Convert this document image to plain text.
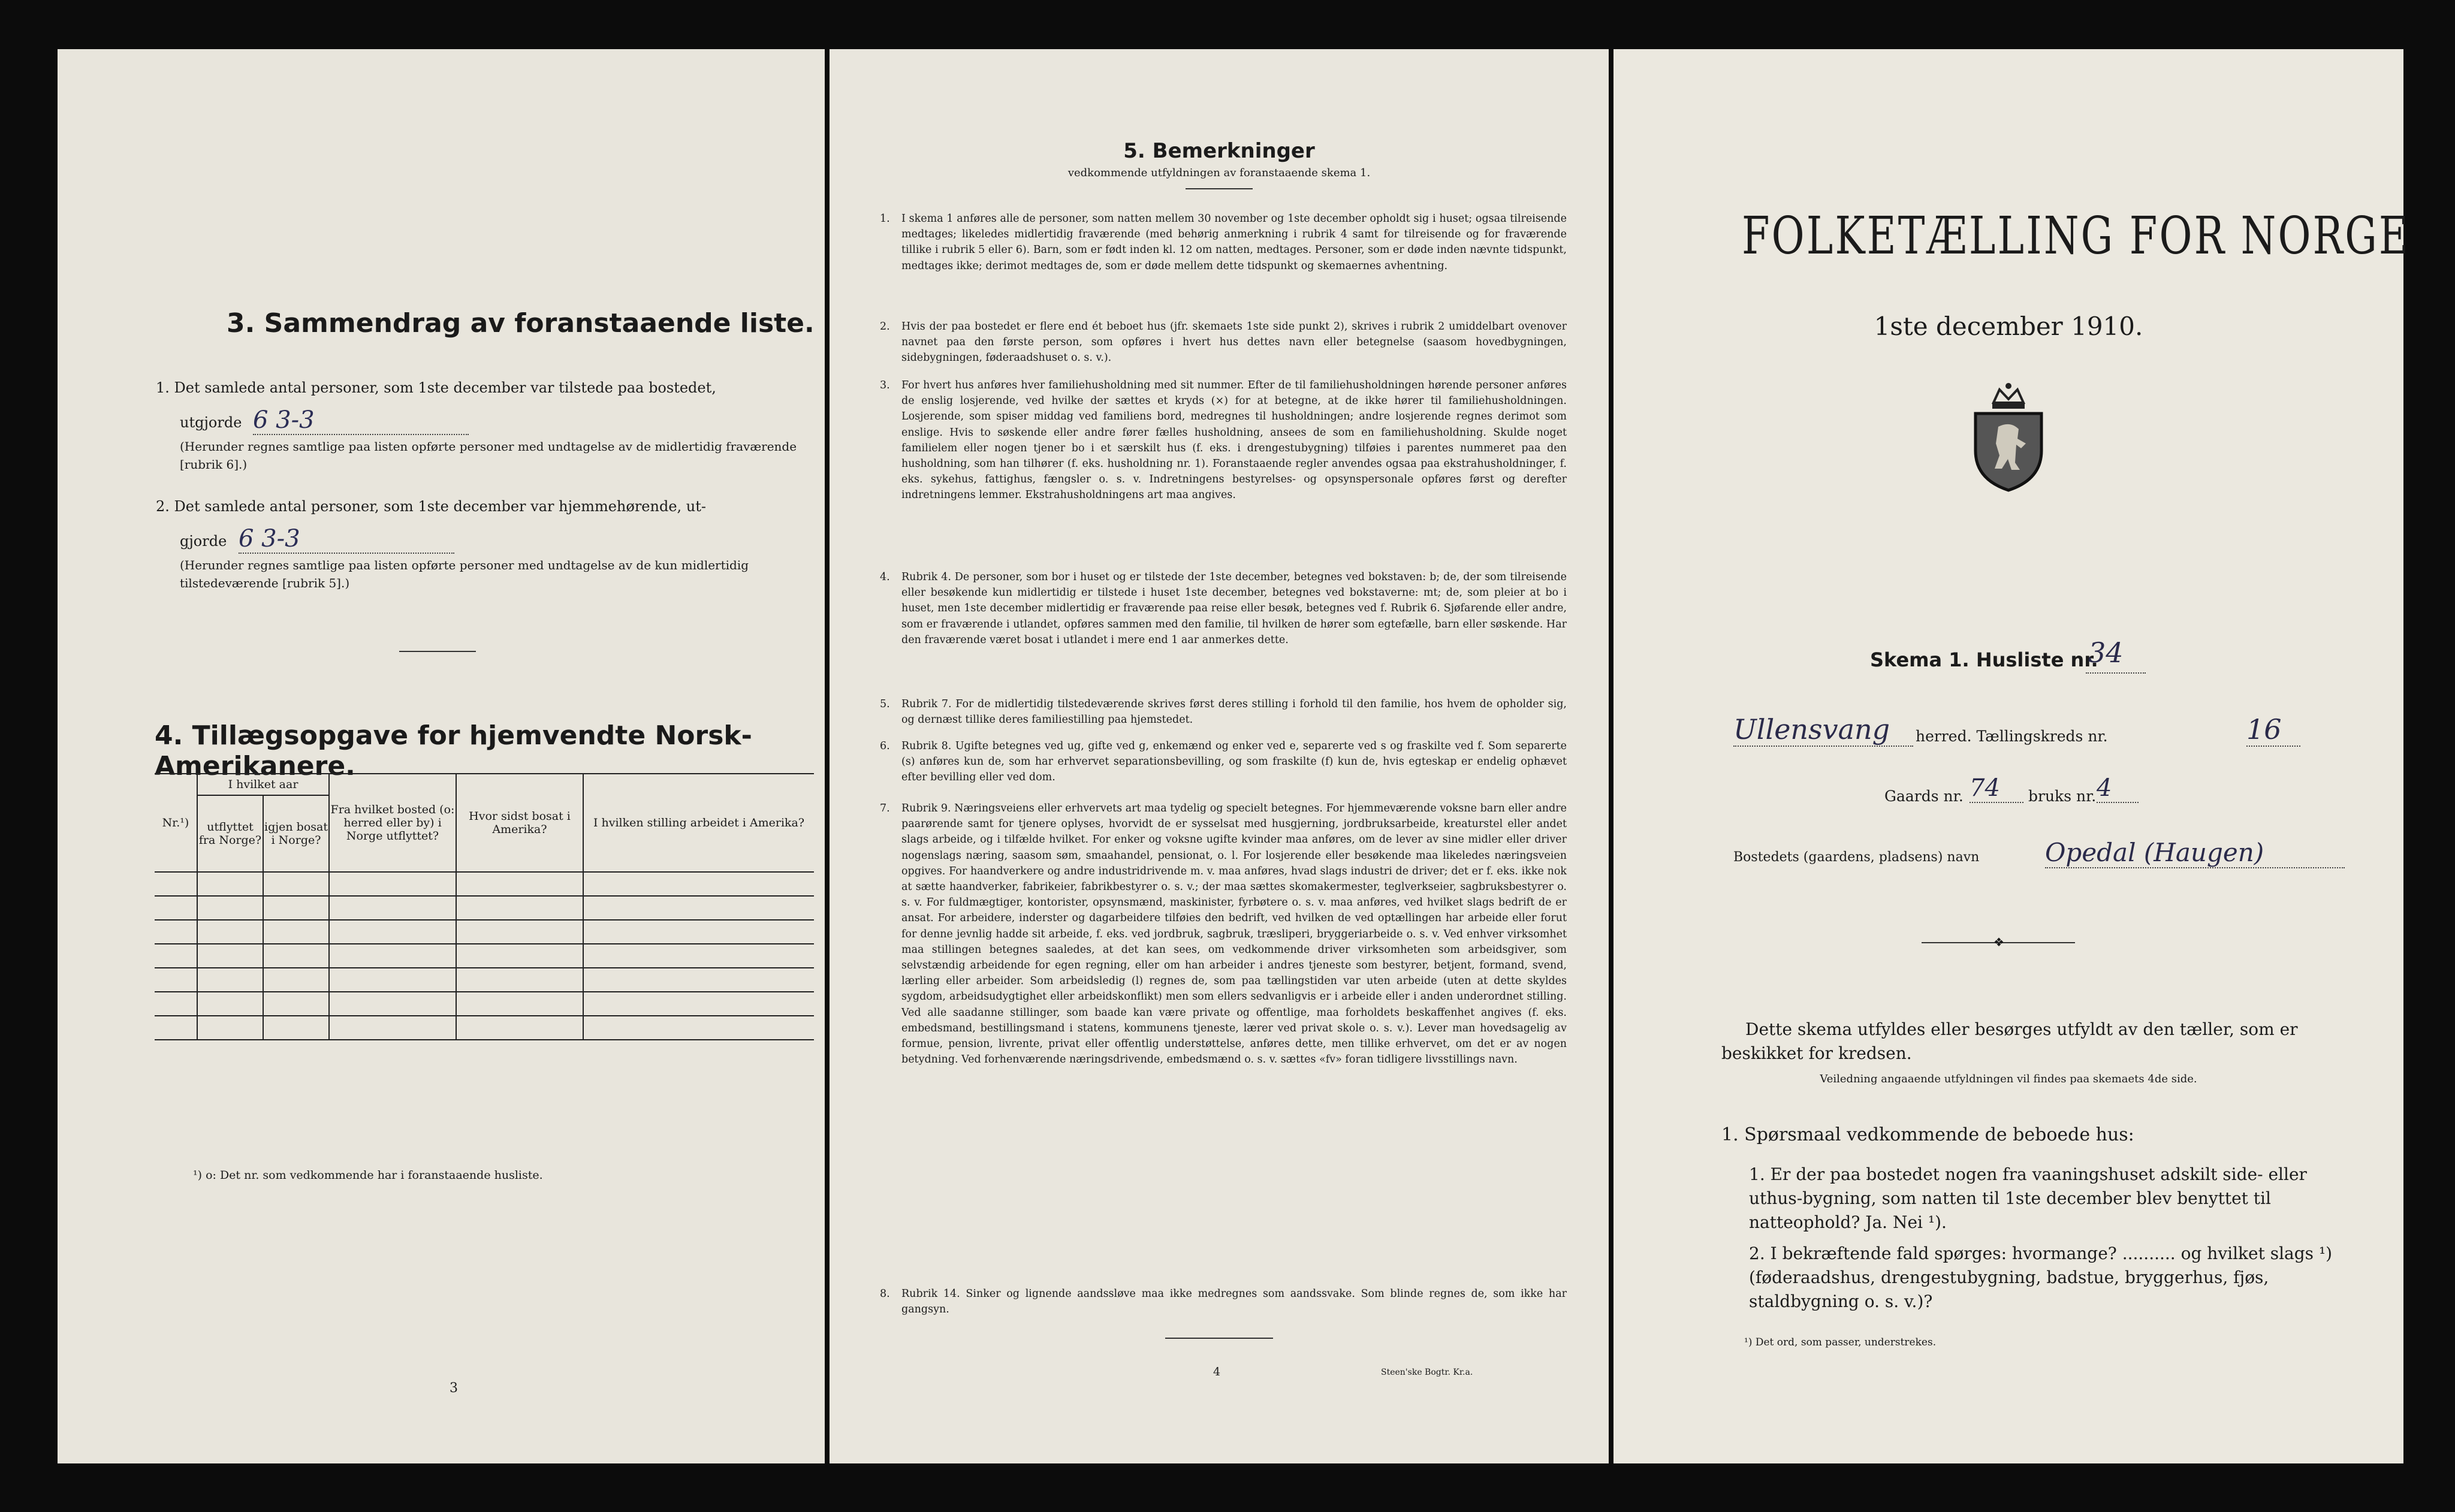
3. Sammendrag av foranstaaende liste.
1. Det samlede antal personer, som 1ste december var tilstede paa bostedet,
utgjorde 6 3-3
(Herunder regnes samtlige paa listen opførte personer med undtagelse av de midlertidig fraværende [rubrik 6].)
2. Det samlede antal personer, som 1ste december var hjemmehørende, ut-
gjorde 6 3-3
(Herunder regnes samtlige paa listen opførte personer med undtagelse av de kun midlertidig tilstedeværende [rubrik 5].)
4. Tillægsopgave for hjemvendte Norsk-Amerikanere.
Nr.¹)	I hvilket aar		Fra hvilket bosted (o: herred eller by) i Norge utflyttet?	Hvor sidst bosat i Amerika?	I hvilken stilling arbeidet i Amerika?
	utflyttet fra Norge?	igjen bosat i Norge?			

¹) o: Det nr. som vedkommende har i foranstaaende husliste.
3
5. Bemerkninger
vedkommende utfyldningen av foranstaaende skema 1.
1. I skema 1 anføres alle de personer, som natten mellem 30 november og 1ste december opholdt sig i huset; ogsaa tilreisende medtages; likeledes midlertidig fraværende (med behørig anmerkning i rubrik 4 samt for tilreisende og for fraværende tillike i rubrik 5 eller 6). Barn, som er født inden kl. 12 om natten, medtages. Personer, som er døde inden nævnte tidspunkt, medtages ikke; derimot medtages de, som er døde mellem dette tidspunkt og skemaernes avhentning.
2. Hvis der paa bostedet er flere end ét beboet hus (jfr. skemaets 1ste side punkt 2), skrives i rubrik 2 umiddelbart ovenover navnet paa den første person, som opføres i hvert hus dettes navn eller betegnelse (saasom hovedbygningen, sidebygningen, føderaadshuset o. s. v.).
3. For hvert hus anføres hver familiehusholdning med sit nummer. Efter de til familiehusholdningen hørende personer anføres de enslig losjerende, ved hvilke der sættes et kryds (×) for at betegne, at de ikke hører til familiehusholdningen. Losjerende, som spiser middag ved familiens bord, medregnes til husholdningen; andre losjerende regnes derimot som enslige. Hvis to søskende eller andre fører fælles husholdning, ansees de som en familiehusholdning. Skulde noget familielem eller nogen tjener bo i et særskilt hus (f. eks. i drengestubygning) tilføies i parentes nummeret paa den husholdning, som han tilhører (f. eks. husholdning nr. 1). Foranstaaende regler anvendes ogsaa paa ekstrahusholdninger, f. eks. sykehus, fattighus, fængsler o. s. v. Indretningens bestyrelses- og opsynspersonale opføres først og derefter indretningens lemmer. Ekstrahusholdningens art maa angives.
4. Rubrik 4. De personer, som bor i huset og er tilstede der 1ste december, betegnes ved bokstaven: b; de, der som tilreisende eller besøkende kun midlertidig er tilstede i huset 1ste december, betegnes ved bokstaverne: mt; de, som pleier at bo i huset, men 1ste december midlertidig er fraværende paa reise eller besøk, betegnes ved f. Rubrik 6. Sjøfarende eller andre, som er fraværende i utlandet, opføres sammen med den familie, til hvilken de hører som egtefælle, barn eller søskende. Har den fraværende været bosat i utlandet i mere end 1 aar anmerkes dette.
5. Rubrik 7. For de midlertidig tilstedeværende skrives først deres stilling i forhold til den familie, hos hvem de opholder sig, og dernæst tillike deres familiestilling paa hjemstedet.
6. Rubrik 8. Ugifte betegnes ved ug, gifte ved g, enkemænd og enker ved e, separerte ved s og fraskilte ved f. Som separerte (s) anføres kun de, som har erhvervet separationsbevilling, og som fraskilte (f) kun de, hvis egteskap er endelig ophævet efter bevilling eller ved dom.
7. Rubrik 9. Næringsveiens eller erhvervets art maa tydelig og specielt betegnes. For hjemmeværende voksne barn eller andre paarørende samt for tjenere oplyses, hvorvidt de er sysselsat med husgjerning, jordbruksarbeide, kreaturstel eller andet slags arbeide, og i tilfælde hvilket. For enker og voksne ugifte kvinder maa anføres, om de lever av sine midler eller driver nogenslags næring, saasom søm, smaahandel, pensionat, o. l. For losjerende eller besøkende maa likeledes næringsveien opgives. For haandverkere og andre industridrivende m. v. maa anføres, hvad slags industri de driver; det er f. eks. ikke nok at sætte haandverker, fabrikeier, fabrikbestyrer o. s. v.; der maa sættes skomakermester, teglverkseier, sagbruksbestyrer o. s. v. For fuldmægtiger, kontorister, opsynsmænd, maskinister, fyrbøtere o. s. v. maa anføres, ved hvilket slags bedrift de er ansat. For arbeidere, inderster og dagarbeidere tilføies den bedrift, ved hvilken de ved optællingen har arbeide eller forut for denne jevnlig hadde sit arbeide, f. eks. ved jordbruk, sagbruk, træsliperi, bryggeriarbeide o. s. v. Ved enhver virksomhet maa stillingen betegnes saaledes, at det kan sees, om vedkommende driver virksomheten som arbeidsgiver, som selvstændig arbeidende for egen regning, eller om han arbeider i andres tjeneste som bestyrer, betjent, formand, svend, lærling eller arbeider. Som arbeidsledig (l) regnes de, som paa tællingstiden var uten arbeide (uten at dette skyldes sygdom, arbeidsudygtighet eller arbeidskonflikt) men som ellers sedvanligvis er i arbeide eller i anden underordnet stilling. Ved alle saadanne stillinger, som baade kan være private og offentlige, maa forholdets beskaffenhet angives (f. eks. embedsmand, bestillingsmand i statens, kommunens tjeneste, lærer ved privat skole o. s. v.). Lever man hovedsagelig av formue, pension, livrente, privat eller offentlig understøttelse, anføres dette, men tillike erhvervet, om det er av nogen betydning. Ved forhenværende næringsdrivende, embedsmænd o. s. v. sættes «fv» foran tidligere livsstillings navn.
8. Rubrik 14. Sinker og lignende aandssløve maa ikke medregnes som aandssvake. Som blinde regnes de, som ikke har gangsyn.
4	Steen'ske Bogtr. Kr.a.
FOLKETÆLLING FOR NORGE
1ste december 1910.
Skema 1. Husliste nr.
34
Ullensvang	herred. Tællingskreds nr.	16
Gaards nr. 74	bruks nr. 4
Bostedets (gaardens, pladsens) navn	Opedal (Haugen)
❖
Dette skema utfyldes eller besørges utfyldt av den tæller, som er beskikket for kredsen.
Veiledning angaaende utfyldningen vil findes paa skemaets 4de side.
1. Spørsmaal vedkommende de beboede hus:
1. Er der paa bostedet nogen fra vaaningshuset adskilt side- eller uthus-bygning, som natten til 1ste december blev benyttet til natteophold? Ja. Nei ¹).
2. I bekræftende fald spørges: hvormange? .......... og hvilket slags ¹) (føderaadshus, drengestubygning, badstue, bryggerhus, fjøs, staldbygning o. s. v.)?
¹) Det ord, som passer, understrekes.
